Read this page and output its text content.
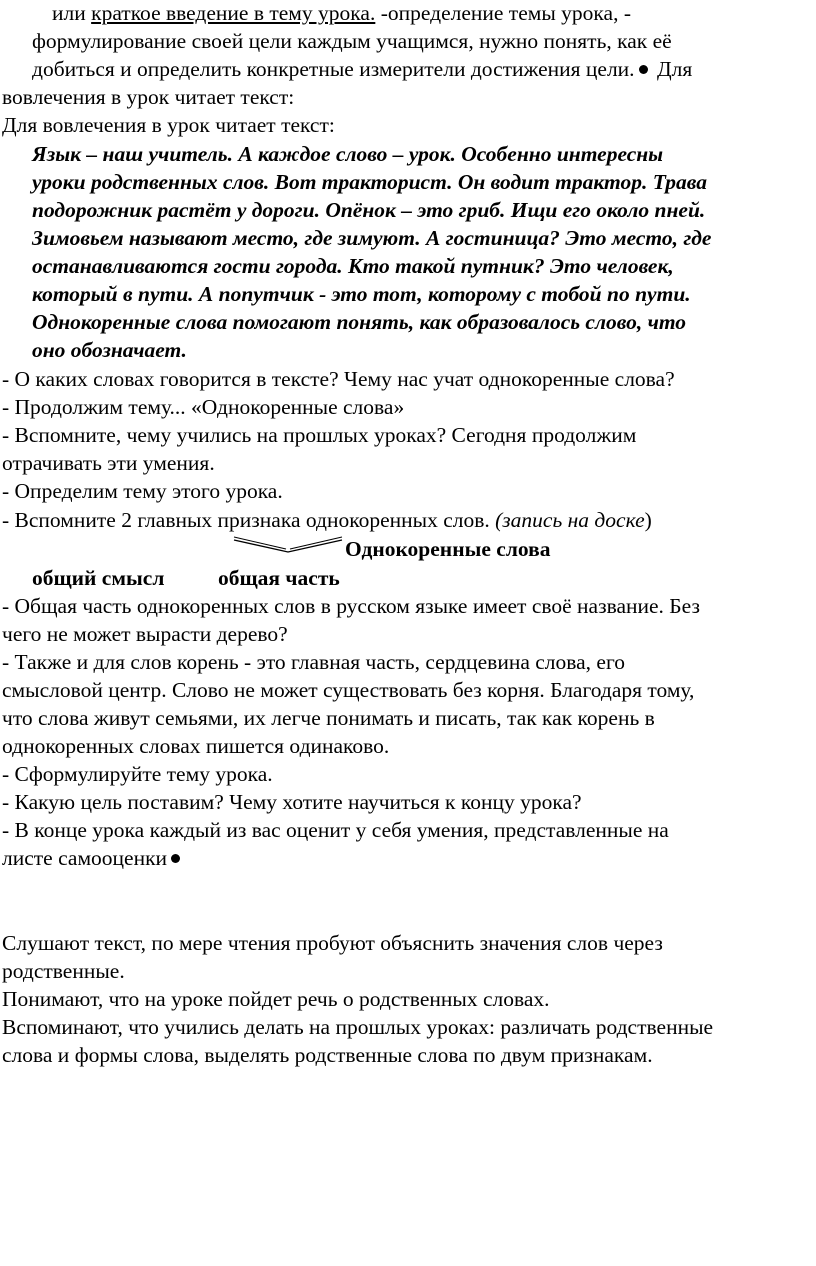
или краткое введение в тему урока. -определение темы урока, -
формулирование своей цели каждым учащимся, нужно понять, как её
добиться и определить конкретные измерители достижения цели. Для
вовлечения в урок читает текст:
Для вовлечения в урок читает текст:
Язык – наш учитель. А каждое слово – урок. Особенно интересны
уроки родственных слов. Вот тракторист. Он водит трактор. Трава
подорожник растёт у дороги. Опёнок – это гриб. Ищи его около пней.
Зимовьем называют место, где зимуют. А гостиница? Это место, где
останавливаются гости города. Кто такой путник? Это человек,
который в пути. А попутчик - это тот, которому с тобой по пути.
Однокоренные слова помогают понять, как образовалось слово, что
оно обозначает.
- О каких словах говорится в тексте? Чему нас учат однокоренные слова?
- Продолжим тему... «Однокоренные слова»
- Вспомните, чему учились на прошлых уроках? Сегодня продолжим
отрачивать эти умения.
- Определим тему этого урока.
- Вспомните 2 главных признака однокоренных слов. (запись на доске)
Однокоренные слова
общий смысл общая часть
- Общая часть однокоренных слов в русском языке имеет своё название. Без
чего не может вырасти дерево?
- Также и для слов корень - это главная часть, сердцевина слова, его
смысловой центр. Слово не может существовать без корня. Благодаря тому,
что слова живут семьями, их легче понимать и писать, так как корень в
однокоренных словах пишется одинаково.
- Сформулируйте тему урока.
- Какую цель поставим? Чему хотите научиться к концу урока?
- В конце урока каждый из вас оценит у себя умения, представленные на
листе самооценки
Слушают текст, по мере чтения пробуют объяснить значения слов через
родственные.
Понимают, что на уроке пойдет речь о родственных словах.
Вспоминают, что учились делать на прошлых уроках: различать родственные
слова и формы слова, выделять родственные слова по двум признакам.
